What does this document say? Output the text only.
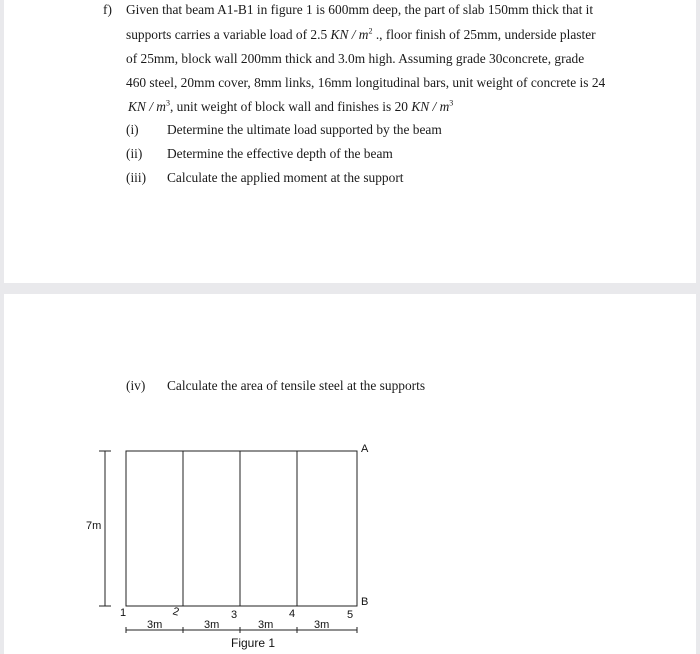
f) Given that beam A1-B1 in figure 1 is 600mm deep, the part of slab 150mm thick that it
supports carries a variable load of 2.5 KN / $m^2$ ., floor finish of 25mm, underside plaster
of 25mm, block wall 200mm thick and 3.0m high. Assuming grade 30concrete, grade
460 steel, 20mm cover, 8mm links, 16mm longitudinal bars, unit weight of concrete is 24
KN / $m^3$, unit weight of block wall and finishes is 20 KN / $m^3$
(i) Determine the ultimate load supported by the beam
(ii) Determine the effective depth of the beam
(iii) Calculate the applied moment at the support
(iv) Calculate the area of tensile steel at the supports
7m
A
B
1	2	3	4	5
3m	3m	3m	3m
Figure 1
